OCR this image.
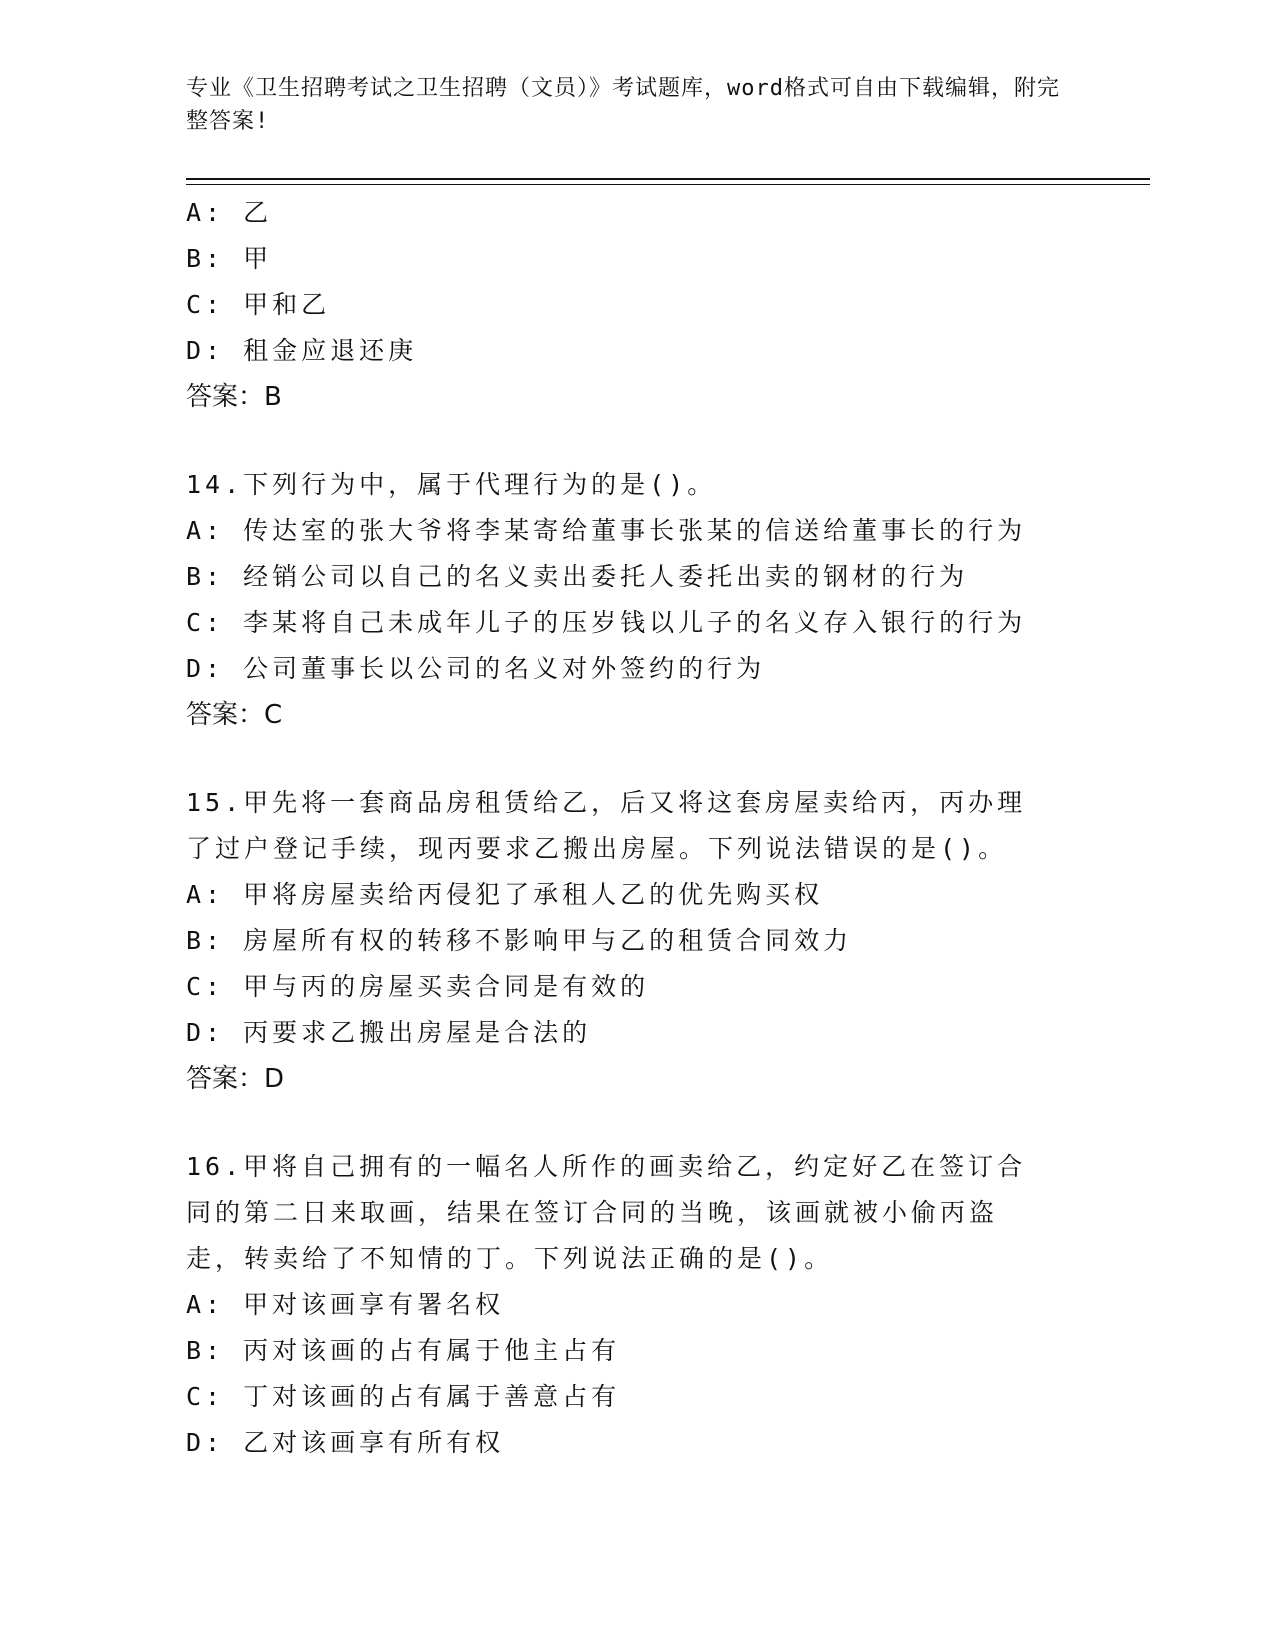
专业《卫生招聘考试之卫生招聘（文员）》考试题库，word格式可自由下载编辑，附完整答案!
A: 乙
B: 甲
C: 甲和乙
D: 租金应退还庚
答案：B
14.下列行为中，属于代理行为的是()。
A: 传达室的张大爷将李某寄给董事长张某的信送给董事长的行为
B: 经销公司以自己的名义卖出委托人委托出卖的钢材的行为
C: 李某将自己未成年儿子的压岁钱以儿子的名义存入银行的行为
D: 公司董事长以公司的名义对外签约的行为
答案：C
15.甲先将一套商品房租赁给乙，后又将这套房屋卖给丙，丙办理了过户登记手续，现丙要求乙搬出房屋。下列说法错误的是()。
A: 甲将房屋卖给丙侵犯了承租人乙的优先购买权
B: 房屋所有权的转移不影响甲与乙的租赁合同效力
C: 甲与丙的房屋买卖合同是有效的
D: 丙要求乙搬出房屋是合法的
答案：D
16.甲将自己拥有的一幅名人所作的画卖给乙，约定好乙在签订合同的第二日来取画，结果在签订合同的当晚，该画就被小偷丙盗走，转卖给了不知情的丁。下列说法正确的是()。
A: 甲对该画享有署名权
B: 丙对该画的占有属于他主占有
C: 丁对该画的占有属于善意占有
D: 乙对该画享有所有权
